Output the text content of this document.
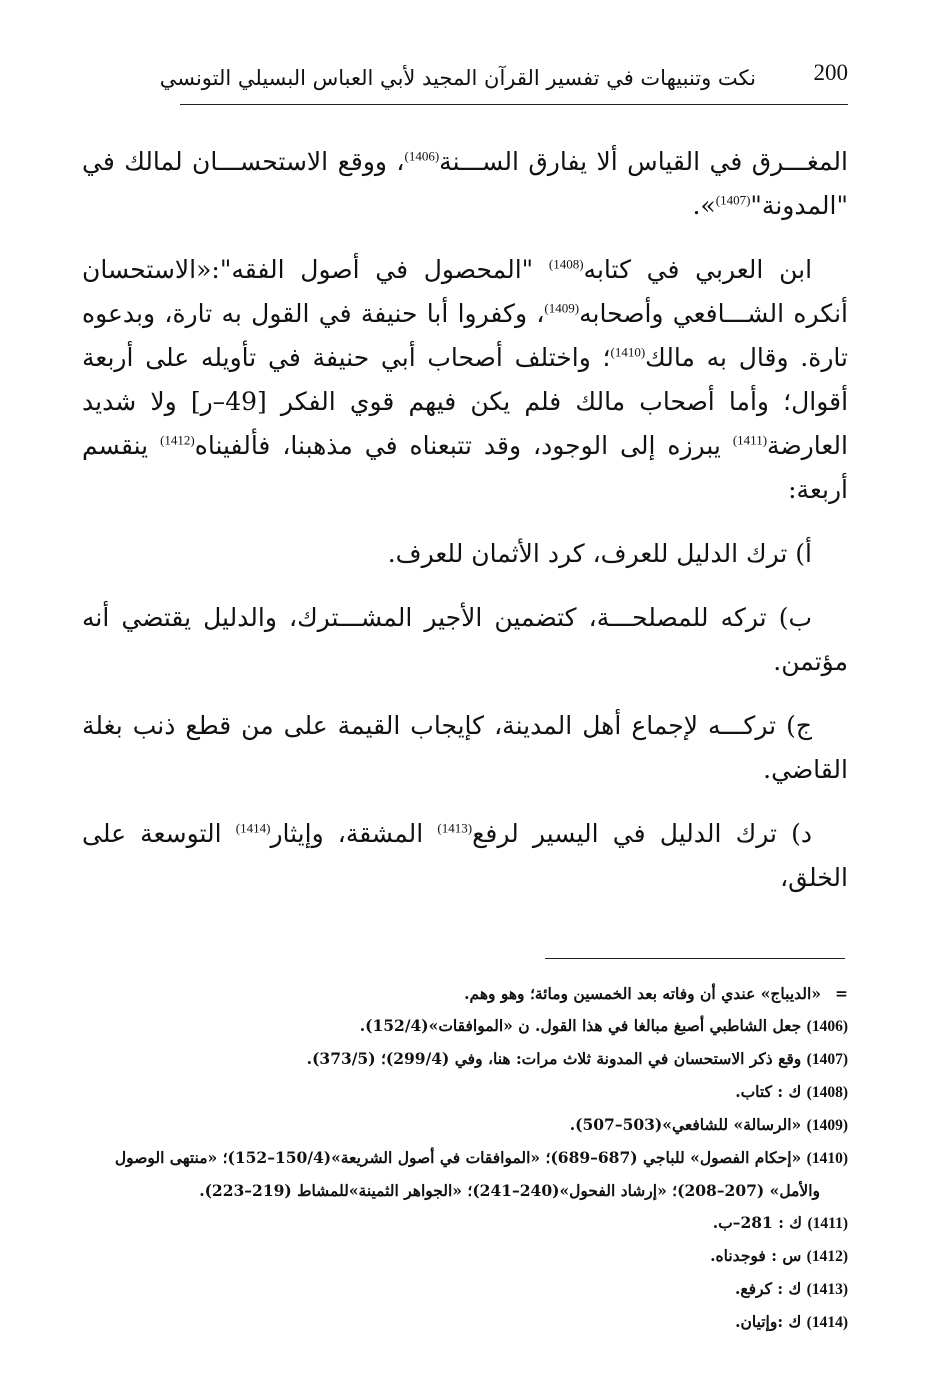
200
نكت وتنبيهات في تفسير القرآن المجيد لأبي العباس البسيلي التونسي

المغـــرق في القياس ألا يفارق الســـنة$^{(1406)}$، ووقع الاستحســـان لمالك في "المدونة"$^{(1407)}$».

ابن العربي في كتابه$^{(1408)}$ "المحصول في أصول الفقه":«الاستحسان أنكره الشـــافعي وأصحابه$^{(1409)}$، وكفروا أبا حنيفة في القول به تارة، وبدعوه تارة. وقال به مالك$^{(1410)}$؛ واختلف أصحاب أبي حنيفة في تأويله على أربعة أقوال؛ وأما أصحاب مالك فلم يكن فيهم قوي الفكر [49–ر] ولا شديد العارضة$^{(1411)}$ يبرزه إلى الوجود، وقد تتبعناه في مذهبنا، فألفيناه$^{(1412)}$ ينقسم أربعة:

أ) ترك الدليل للعرف، كرد الأثمان للعرف.

ب) تركه للمصلحـــة، كتضمين الأجير المشـــترك، والدليل يقتضي أنه مؤتمن.

ج) تركـــه لإجماع أهل المدينة، كإيجاب القيمة على من قطع ذنب بغلة القاضي.

د) ترك الدليل في اليسير لرفع$^{(1413)}$ المشقة، وإيثار$^{(1414)}$ التوسعة على الخلق،

=«الديباج» عندي أن وفاته بعد الخمسين ومائة؛ وهو وهم.

(1406) جعل الشاطبي أصبغ مبالغا في هذا القول. ن «الموافقات»(152/4).

(1407) وقع ذكر الاستحسان في المدونة ثلاث مرات: هنا، وفي (299/4)؛ (373/5).

(1408) ك : كتاب.

(1409) «الرسالة» للشافعي»(503–507).

(1410) «إحكام الفصول» للباجي (687–689)؛ «الموافقات في أصول الشريعة»(150/4–152)؛ «منتهى الوصول

والأمل» (207–208)؛ «إرشاد الفحول»(240–241)؛ «الجواهر الثمينة»للمشاط (219–223).

(1411) ك : 281–ب.

(1412) س : فوجدناه.

(1413) ك : كرفع.

(1414) ك :وإتيان.
